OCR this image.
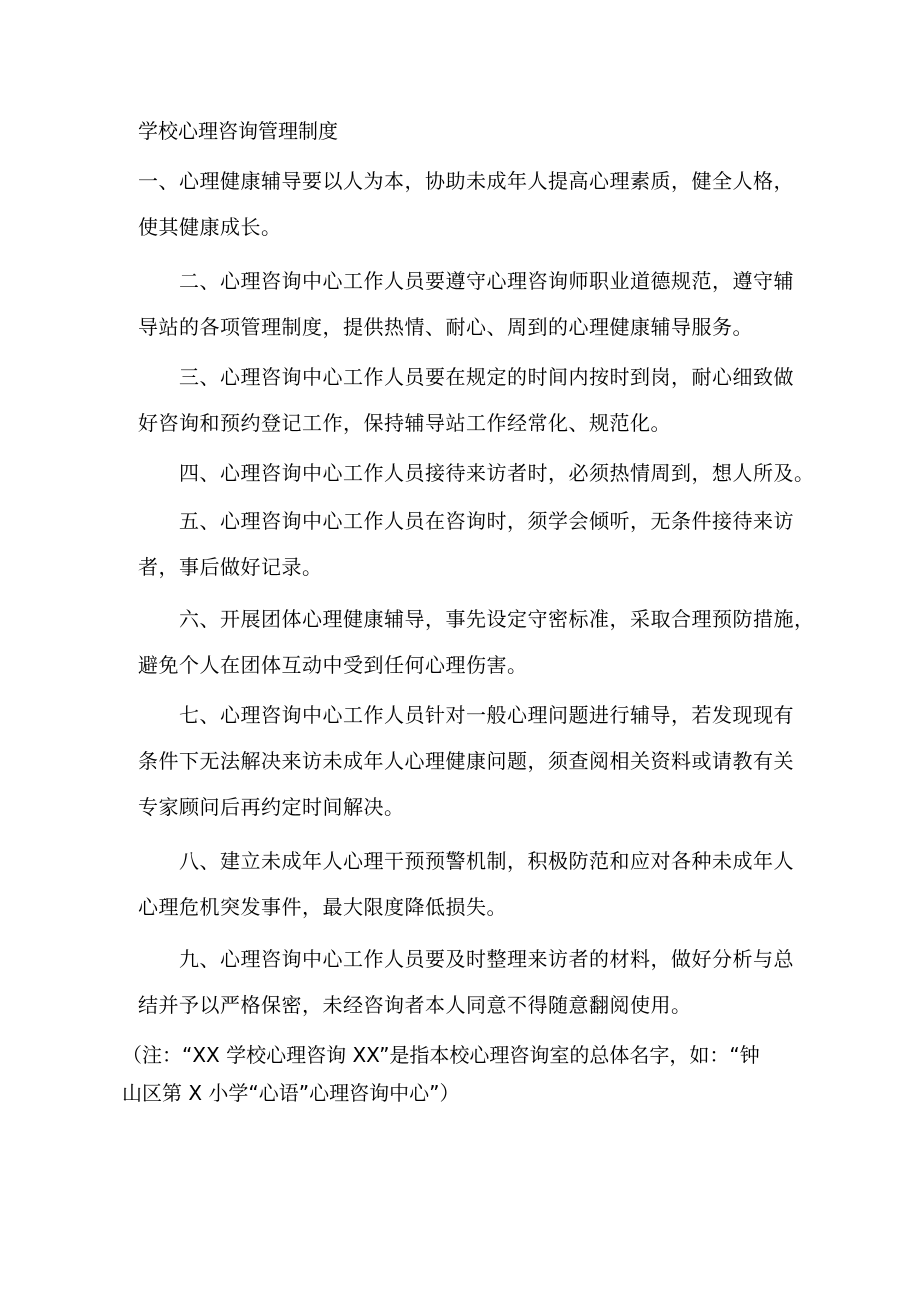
学校心理咨询管理制度
一、心理健康辅导要以人为本，协助未成年人提高心理素质，健全人格，
使其健康成长。
二、心理咨询中心工作人员要遵守心理咨询师职业道德规范，遵守辅
导站的各项管理制度，提供热情、耐心、周到的心理健康辅导服务。
三、心理咨询中心工作人员要在规定的时间内按时到岗，耐心细致做
好咨询和预约登记工作，保持辅导站工作经常化、规范化。
四、心理咨询中心工作人员接待来访者时，必须热情周到，想人所及。
五、心理咨询中心工作人员在咨询时，须学会倾听，无条件接待来访
者，事后做好记录。
六、开展团体心理健康辅导，事先设定守密标准，采取合理预防措施，
避免个人在团体互动中受到任何心理伤害。
七、心理咨询中心工作人员针对一般心理问题进行辅导，若发现现有
条件下无法解决来访未成年人心理健康问题，须查阅相关资料或请教有关
专家顾问后再约定时间解决。
八、建立未成年人心理干预预警机制，积极防范和应对各种未成年人
心理危机突发事件，最大限度降低损失。
九、心理咨询中心工作人员要及时整理来访者的材料，做好分析与总
结并予以严格保密，未经咨询者本人同意不得随意翻阅使用。
（注：“XX 学校心理咨询 XX”是指本校心理咨询室的总体名字，如：“钟
山区第 X 小学“心语”心理咨询中心”）
